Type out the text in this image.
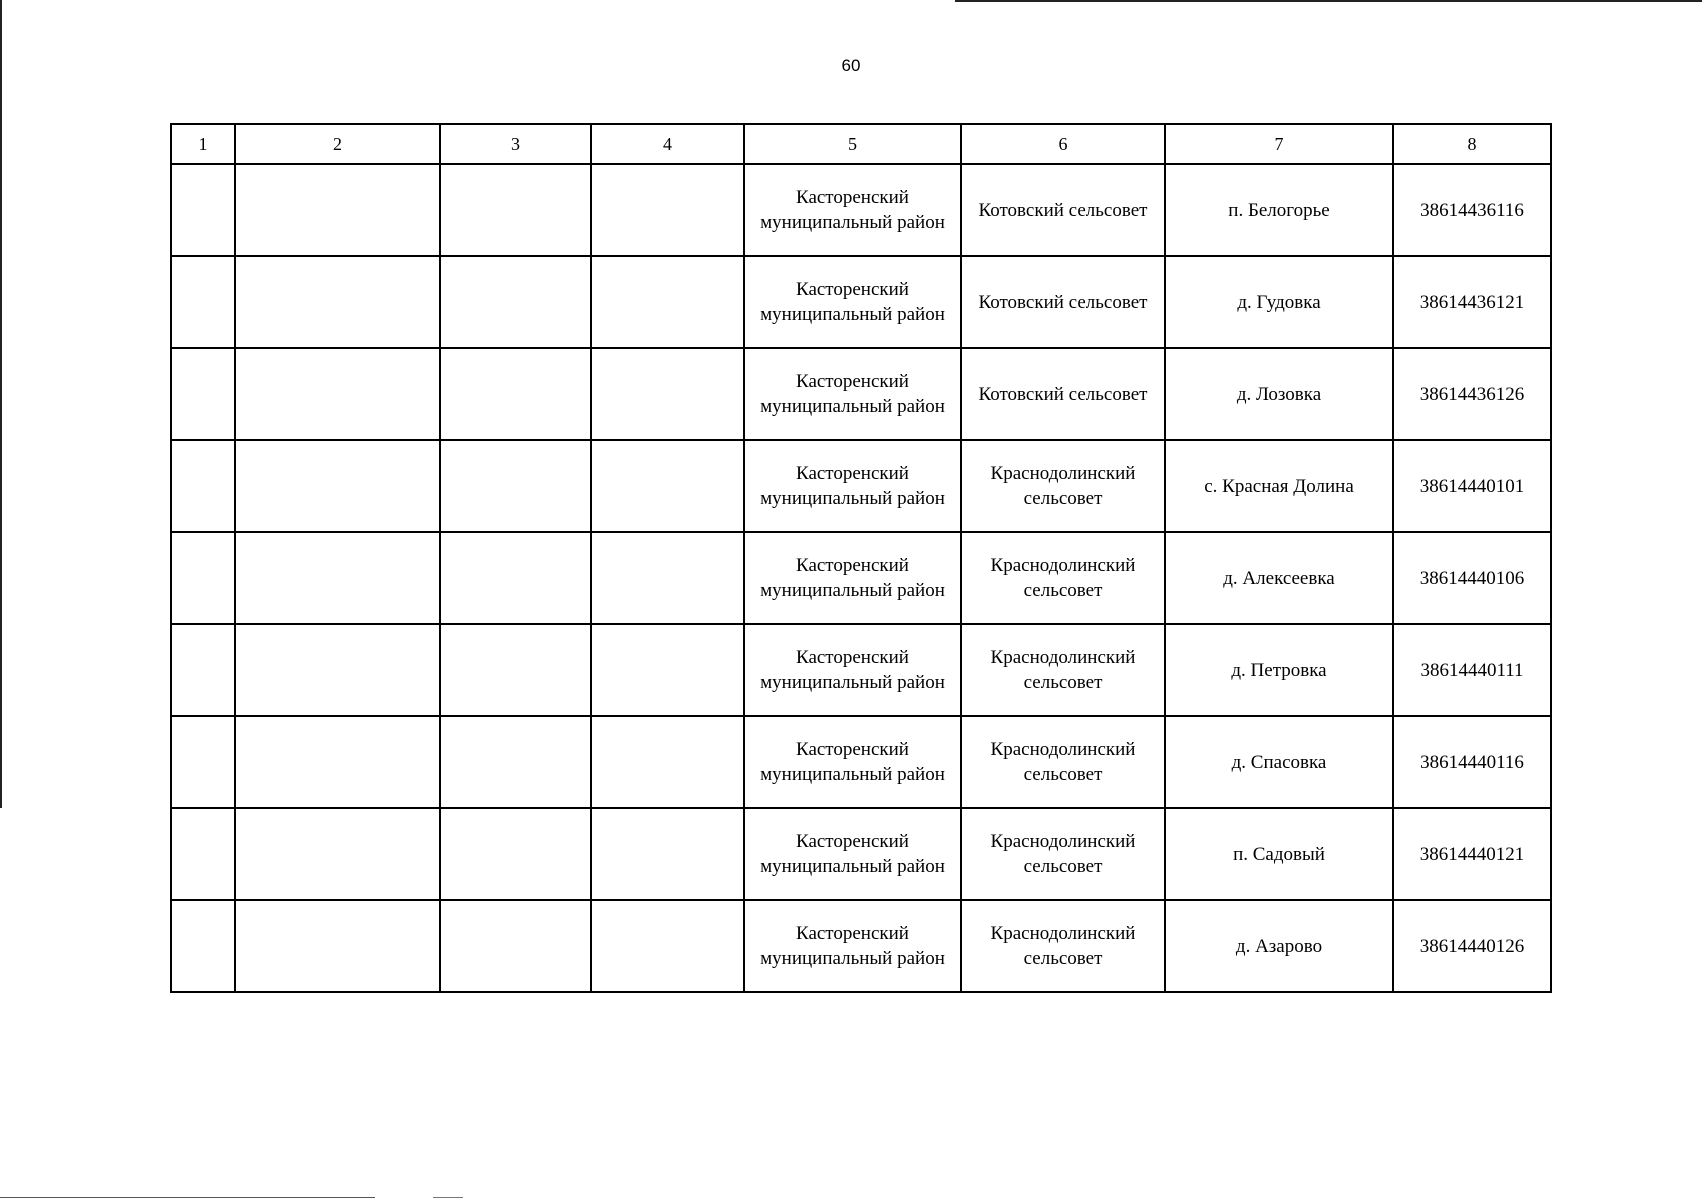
60
1	2	3	4	5	6	7	8
				Касторенский муниципальный район	Котовский сельсовет	п. Белогорье	38614436116
				Касторенский муниципальный район	Котовский сельсовет	д. Гудовка	38614436121
				Касторенский муниципальный район	Котовский сельсовет	д. Лозовка	38614436126
				Касторенский муниципальный район	Краснодолинский сельсовет	с. Красная Долина	38614440101
				Касторенский муниципальный район	Краснодолинский сельсовет	д. Алексеевка	38614440106
				Касторенский муниципальный район	Краснодолинский сельсовет	д. Петровка	38614440111
				Касторенский муниципальный район	Краснодолинский сельсовет	д. Спасовка	38614440116
				Касторенский муниципальный район	Краснодолинский сельсовет	п. Садовый	38614440121
				Касторенский муниципальный район	Краснодолинский сельсовет	д. Азарово	38614440126
